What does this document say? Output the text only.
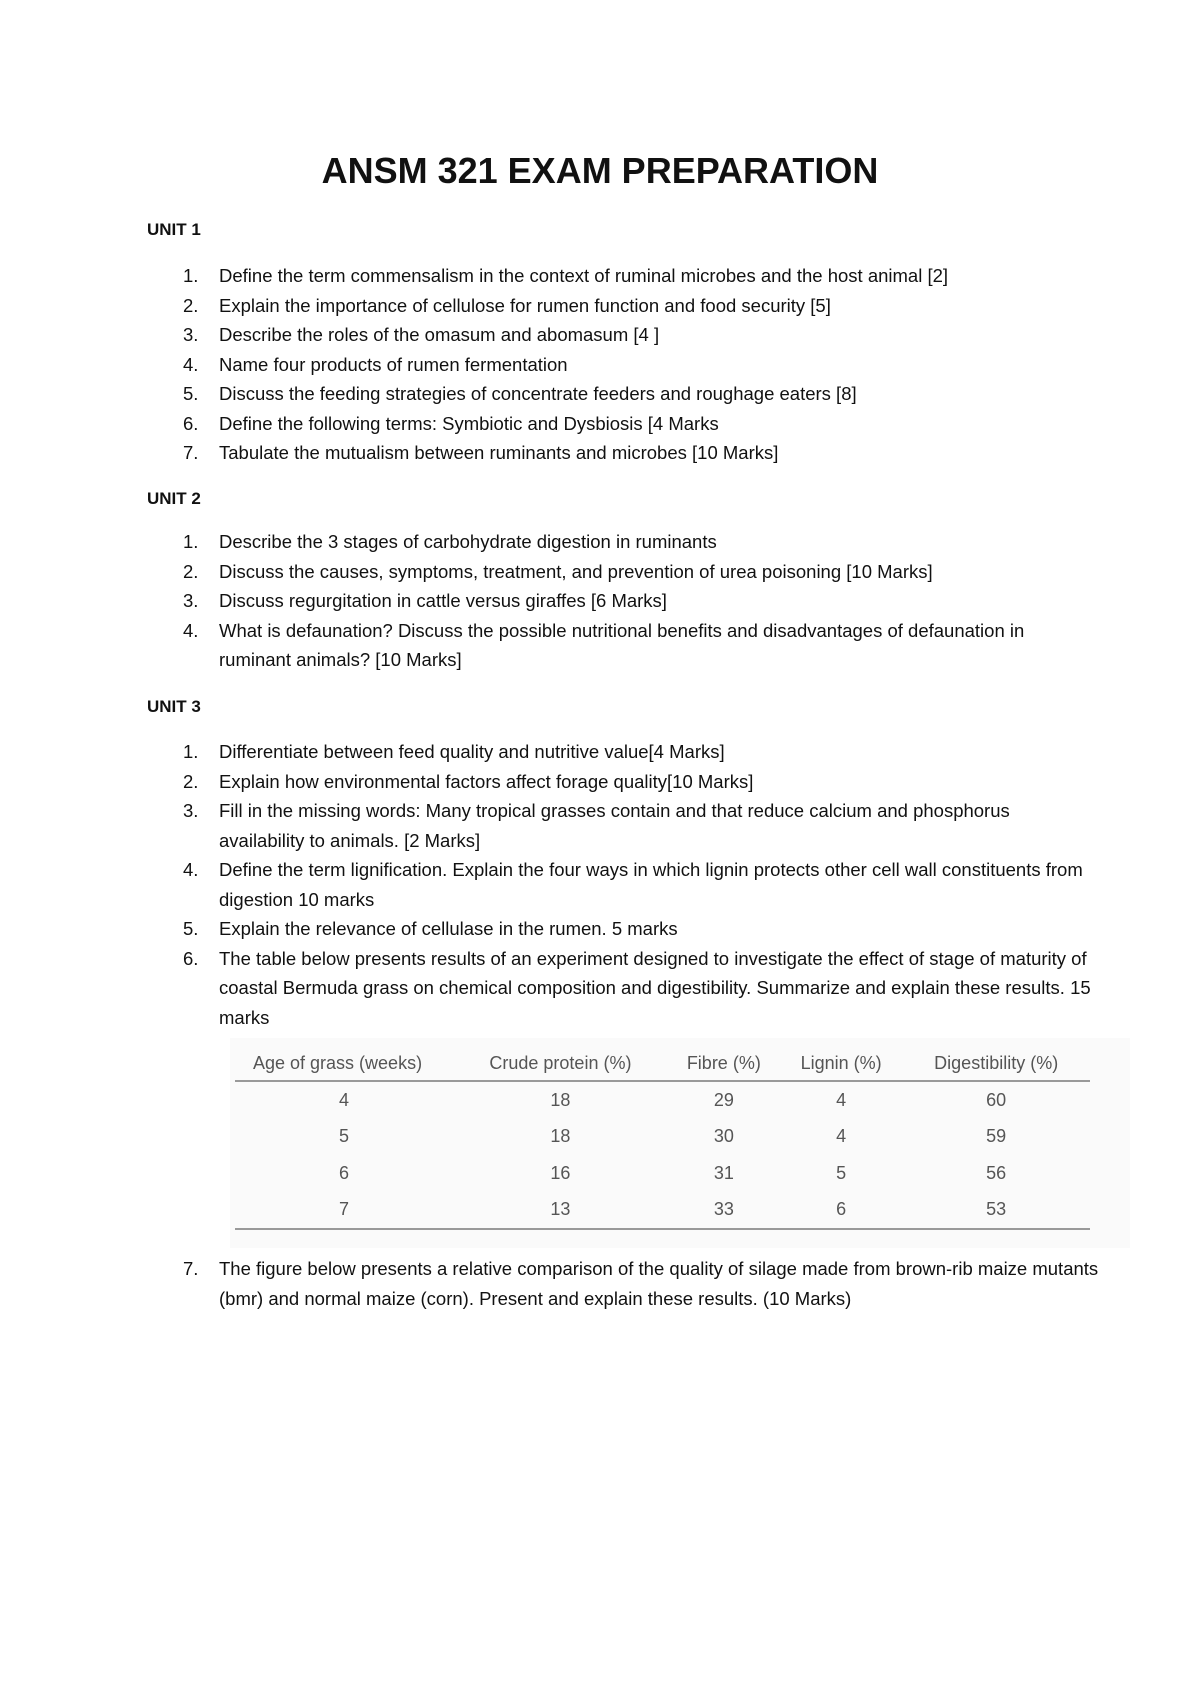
ANSM 321 EXAM PREPARATION
UNIT 1
1.	Define the term commensalism in the context of ruminal microbes and the host animal [2]
2.	Explain the importance of cellulose for rumen function and food security [5]
3.	Describe the roles of the omasum and abomasum [4 ]
4.	Name four products of rumen fermentation
5.	Discuss the feeding strategies of concentrate feeders and roughage eaters [8]
6.	Define the following terms: Symbiotic and Dysbiosis [4 Marks
7.	Tabulate the mutualism between ruminants and microbes [10 Marks]
UNIT 2
1.	Describe the 3 stages of carbohydrate digestion in ruminants
2.	Discuss the causes, symptoms, treatment, and prevention of urea poisoning [10 Marks]
3.	Discuss regurgitation in cattle versus giraffes [6 Marks]
4.	What is defaunation? Discuss the possible nutritional benefits and disadvantages of defaunation in ruminant animals? [10 Marks]
UNIT 3
1.	Differentiate between feed quality and nutritive value[4 Marks]
2.	Explain how environmental factors affect forage quality[10 Marks]
3.	Fill in the missing words: Many tropical grasses contain and that reduce calcium and phosphorus availability to animals. [2 Marks]
4.	Define the term lignification. Explain the four ways in which lignin protects other cell wall constituents from digestion 10 marks
5.	Explain the relevance of cellulase in the rumen. 5 marks
6.	The table below presents results of an experiment designed to investigate the effect of stage of maturity of coastal Bermuda grass on chemical composition and digestibility. Summarize and explain these results. 15 marks
Age of grass (weeks)	Crude protein (%)	Fibre (%)	Lignin (%)	Digestibility (%)
4	18	29	4	60
5	18	30	4	59
6	16	31	5	56
7	13	33	6	53
7.	The figure below presents a relative comparison of the quality of silage made from brown-rib maize mutants (bmr) and normal maize (corn). Present and explain these results. (10 Marks)
